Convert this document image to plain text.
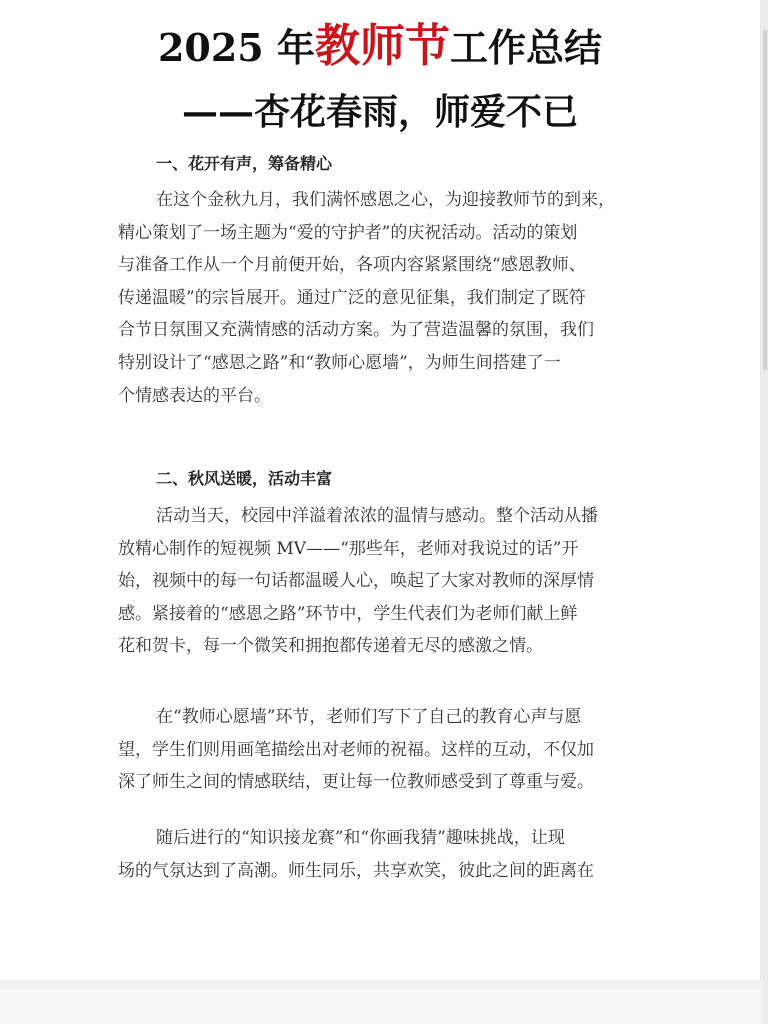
2025 年教师节工作总结
——杏花春雨，师爱不已
一、花开有声，筹备精心
在这个金秋九月，我们满怀感恩之心，为迎接教师节的到来，
精心策划了一场主题为“爱的守护者”的庆祝活动。活动的策划
与准备工作从一个月前便开始，各项内容紧紧围绕“感恩教师、
传递温暖”的宗旨展开。通过广泛的意见征集，我们制定了既符
合节日氛围又充满情感的活动方案。为了营造温馨的氛围，我们
特别设计了“感恩之路”和“教师心愿墙”，为师生间搭建了一
个情感表达的平台。
二、秋风送暖，活动丰富
活动当天，校园中洋溢着浓浓的温情与感动。整个活动从播
放精心制作的短视频 MV——“那些年，老师对我说过的话”开
始，视频中的每一句话都温暖人心，唤起了大家对教师的深厚情
感。紧接着的“感恩之路”环节中，学生代表们为老师们献上鲜
花和贺卡，每一个微笑和拥抱都传递着无尽的感激之情。
在“教师心愿墙”环节，老师们写下了自己的教育心声与愿
望，学生们则用画笔描绘出对老师的祝福。这样的互动，不仅加
深了师生之间的情感联结，更让每一位教师感受到了尊重与爱。
随后进行的“知识接龙赛”和“你画我猜”趣味挑战，让现
场的气氛达到了高潮。师生同乐，共享欢笑，彼此之间的距离在
